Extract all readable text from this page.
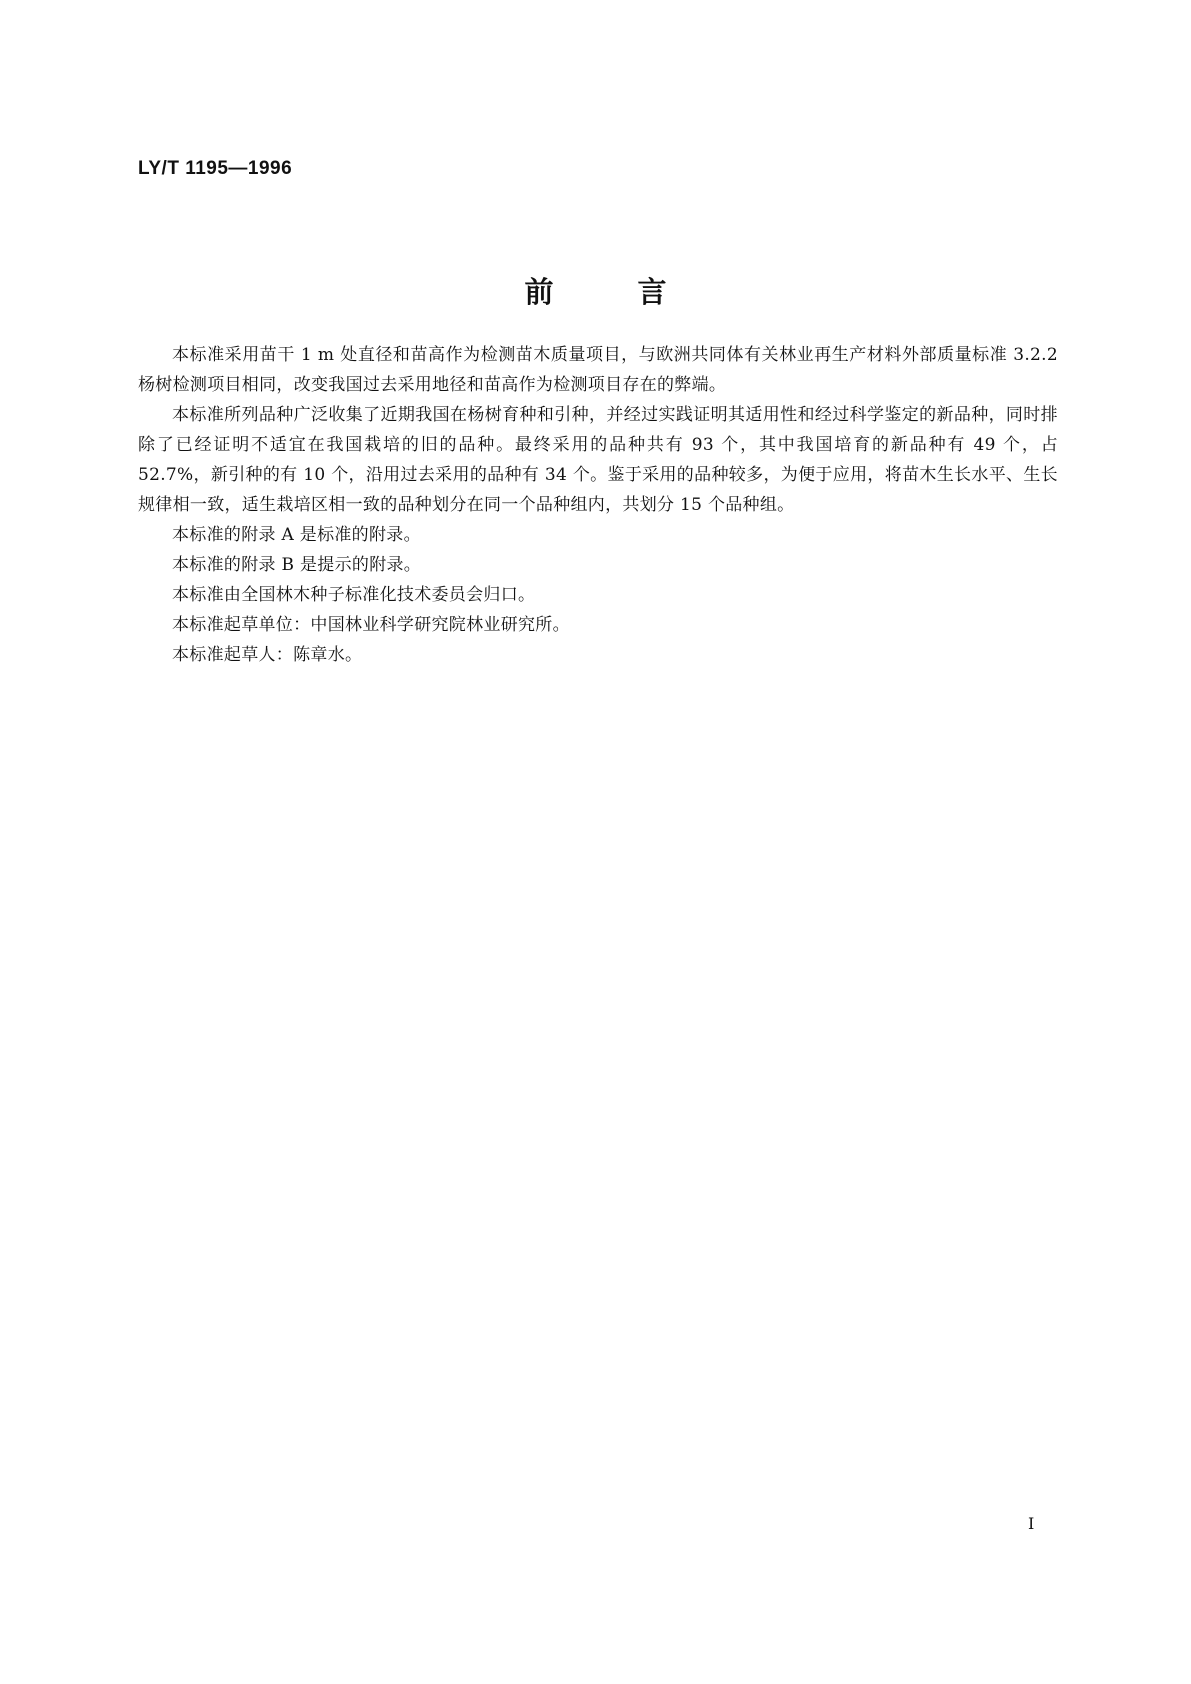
LY/T 1195—1996
前言

本标准采用苗干 1 m 处直径和苗高作为检测苗木质量项目，与欧洲共同体有关林业再生产材料外部质量标准 3.2.2 杨树检测项目相同，改变我国过去采用地径和苗高作为检测项目存在的弊端。

本标准所列品种广泛收集了近期我国在杨树育种和引种，并经过实践证明其适用性和经过科学鉴定的新品种，同时排除了已经证明不适宜在我国栽培的旧的品种。最终采用的品种共有 93 个，其中我国培育的新品种有 49 个，占 52.7%，新引种的有 10 个，沿用过去采用的品种有 34 个。鉴于采用的品种较多，为便于应用，将苗木生长水平、生长规律相一致，适生栽培区相一致的品种划分在同一个品种组内，共划分 15 个品种组。

本标准的附录 A 是标准的附录。

本标准的附录 B 是提示的附录。

本标准由全国林木种子标准化技术委员会归口。

本标准起草单位：中国林业科学研究院林业研究所。

本标准起草人：陈章水。

I
